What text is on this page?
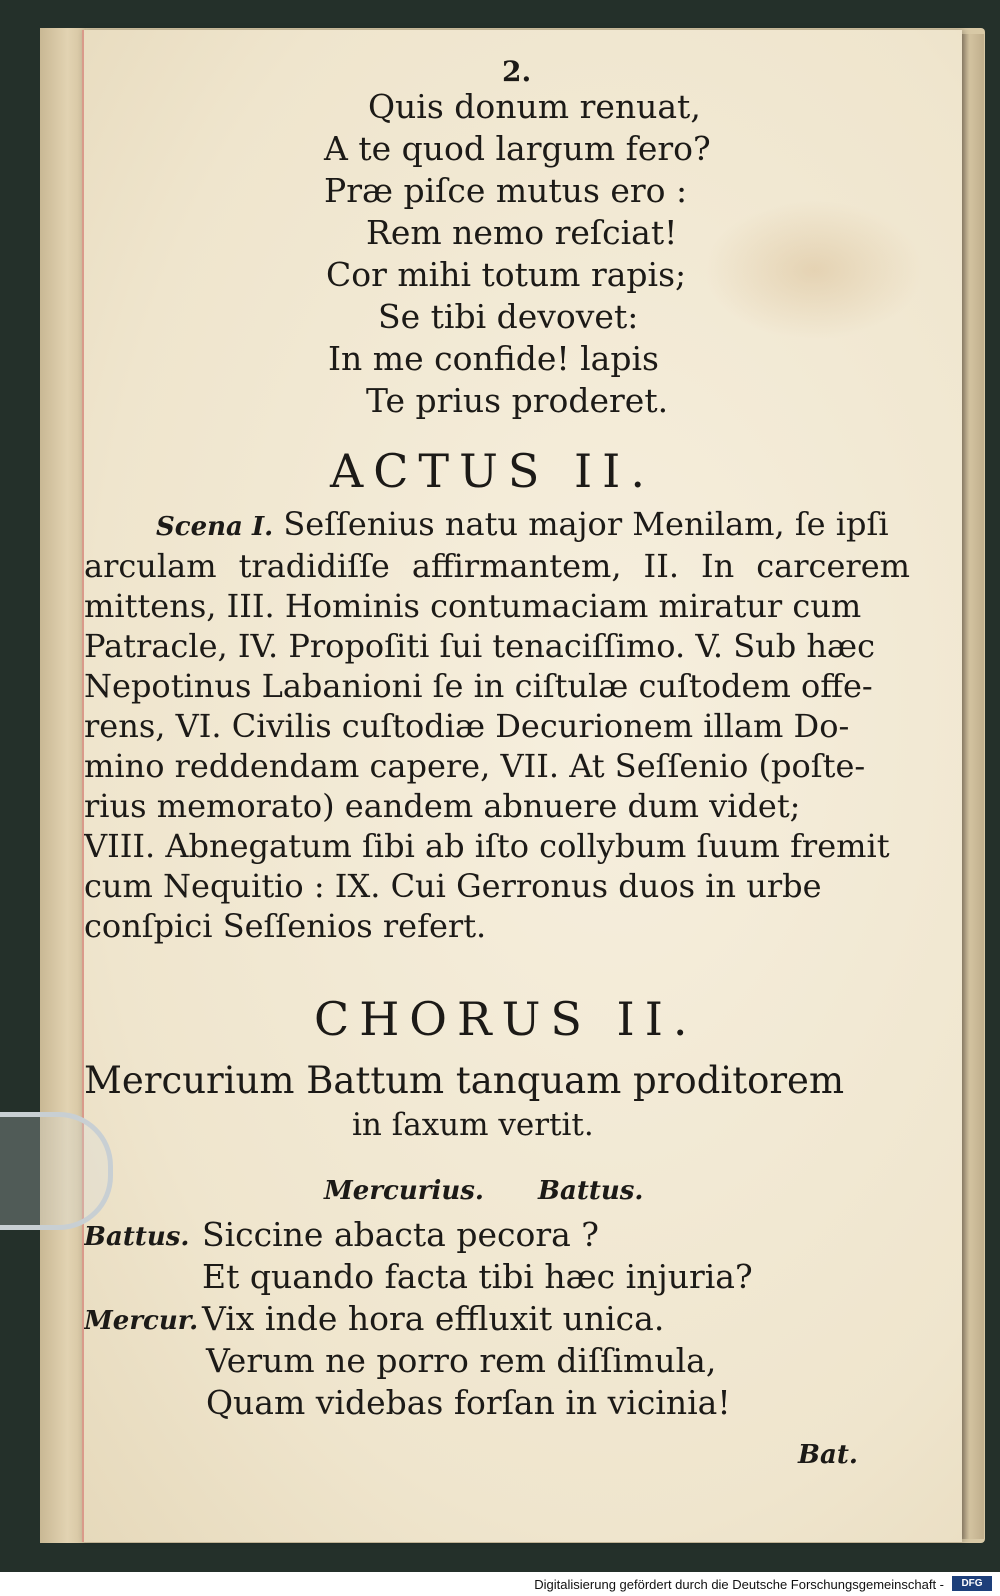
2.
Quis donum renuat,
A te quod largum fero?
Præ piſce mutus ero :
Rem nemo reſciat!
Cor mihi totum rapis;
Se tibi devovet:
In me confide! lapis
Te prius proderet.
ACTUS II.
Scena I. Seſſenius natu major Menilam, ſe ipſi
arculam tradidiſſe affirmantem, II. In carcerem
mittens, III. Hominis contumaciam miratur cum
Patracle, IV. Propoſiti ſui tenaciſſimo. V. Sub hæc
Nepotinus Labanioni ſe in ciſtulæ cuſtodem offe-
rens, VI. Civilis cuſtodiæ Decurionem illam Do-
mino reddendam capere, VII. At Seſſenio (poſte-
rius memorato) eandem abnuere dum videt;
VIII. Abnegatum ſibi ab iſto collybum ſuum fremit
cum Nequitio : IX. Cui Gerronus duos in urbe
conſpici Seſſenios refert.
CHORUS II.
Mercurium Battum tanquam proditorem
in ſaxum vertit.
Mercurius. Battus.
Battus. Siccine abacta pecora ?
Et quando facta tibi hæc injuria?
Mercur. Vix inde hora effluxit unica.
Verum ne porro rem diſſimula,
Quam videbas forſan in vicinia!
Bat.
Digitalisierung gefördert durch die Deutsche Forschungsgemeinschaft -	DFG
